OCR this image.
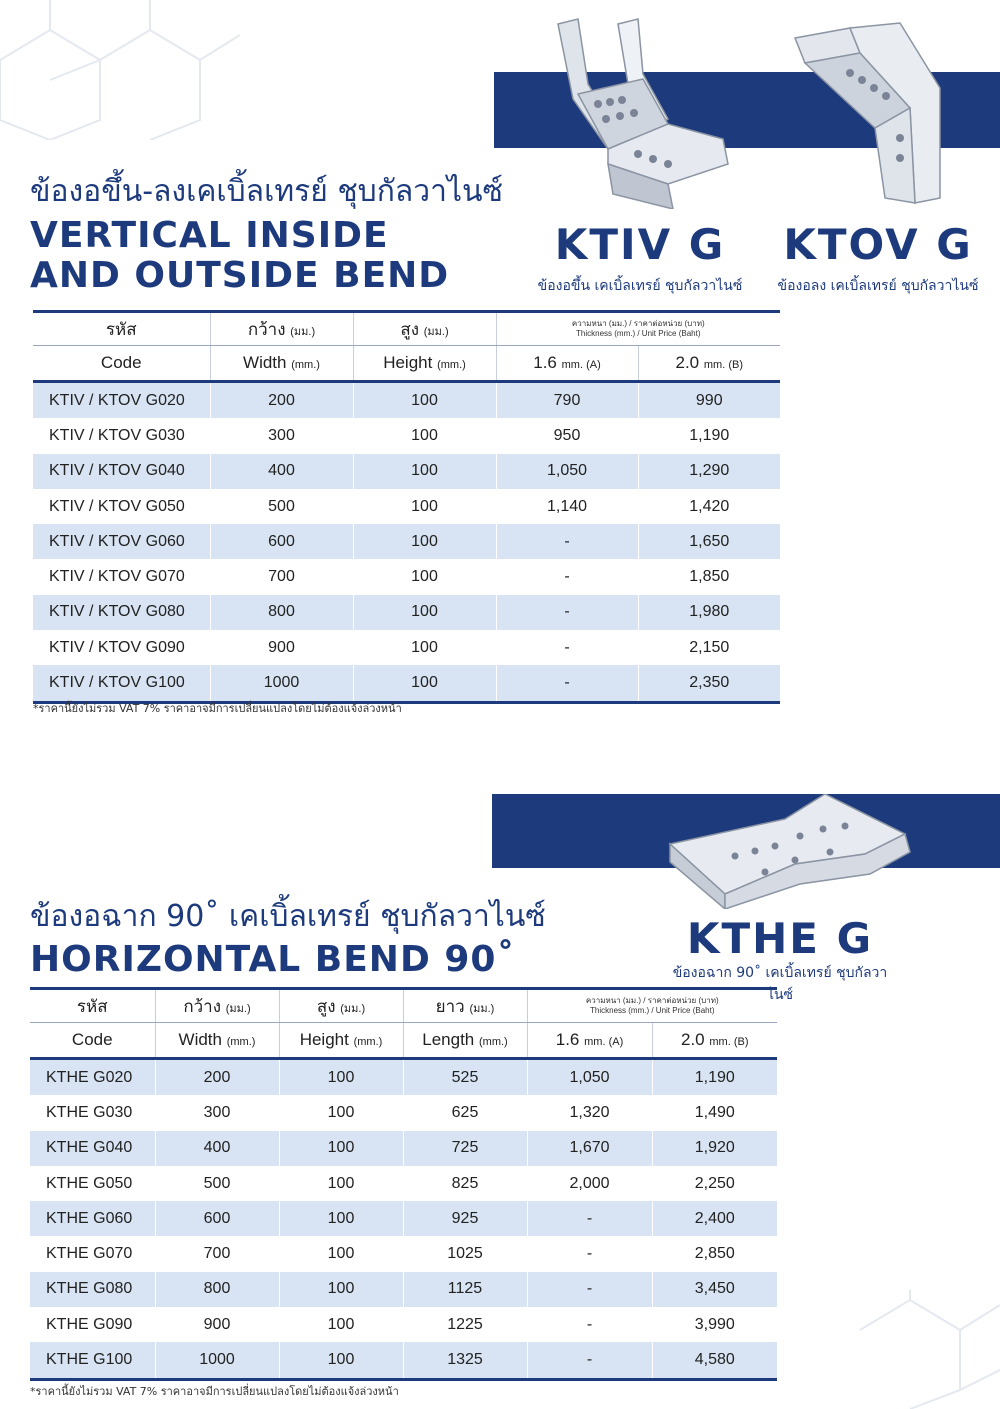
ข้องอขึ้น-ลงเคเบิ้ลเทรย์ ชุบกัลวาไนซ์
VERTICAL INSIDE
AND OUTSIDE BEND
KTIV G
ข้องอขึ้น เคเบิ้ลเทรย์ ชุบกัลวาไนซ์
KTOV G
ข้องอลง เคเบิ้ลเทรย์ ชุบกัลวาไนซ์
รหัส	กว้าง (มม.)	สูง (มม.)	ความหนา (มม.) / ราคาต่อหน่วย (บาท)
Thickness (mm.) / Unit Price (Baht)	

Code	Width (mm.)	Height (mm.)	1.6 mm. (A)	2.0 mm. (B)
KTIV / KTOV G020	200	100	790	990
KTIV / KTOV G030	300	100	950	1,190
KTIV / KTOV G040	400	100	1,050	1,290
KTIV / KTOV G050	500	100	1,140	1,420
KTIV / KTOV G060	600	100	-	1,650
KTIV / KTOV G070	700	100	-	1,850
KTIV / KTOV G080	800	100	-	1,980
KTIV / KTOV G090	900	100	-	2,150
KTIV / KTOV G100	1000	100	-	2,350
*ราคานี้ยังไม่รวม VAT 7% ราคาอาจมีการเปลี่ยนแปลงโดยไม่ต้องแจ้งล่วงหน้า
ข้องอฉาก 90˚ เคเบิ้ลเทรย์ ชุบกัลวาไนซ์
HORIZONTAL BEND 90˚	KTHE G
ข้องอฉาก 90˚ เคเบิ้ลเทรย์ ชุบกัลวาไนซ์
รหัส	กว้าง (มม.)	สูง (มม.)	ยาว (มม.)	ความหนา (มม.) / ราคาต่อหน่วย (บาท)
Thickness (mm.) / Unit Price (Baht)	

Code	Width (mm.)	Height (mm.)	Length (mm.)	1.6 mm. (A)	2.0 mm. (B)
KTHE G020	200	100	525	1,050	1,190
KTHE G030	300	100	625	1,320	1,490
KTHE G040	400	100	725	1,670	1,920
KTHE G050	500	100	825	2,000	2,250
KTHE G060	600	100	925	-	2,400
KTHE G070	700	100	1025	-	2,850
KTHE G080	800	100	1125	-	3,450
KTHE G090	900	100	1225	-	3,990
KTHE G100	1000	100	1325	-	4,580
*ราคานี้ยังไม่รวม VAT 7% ราคาอาจมีการเปลี่ยนแปลงโดยไม่ต้องแจ้งล่วงหน้า
